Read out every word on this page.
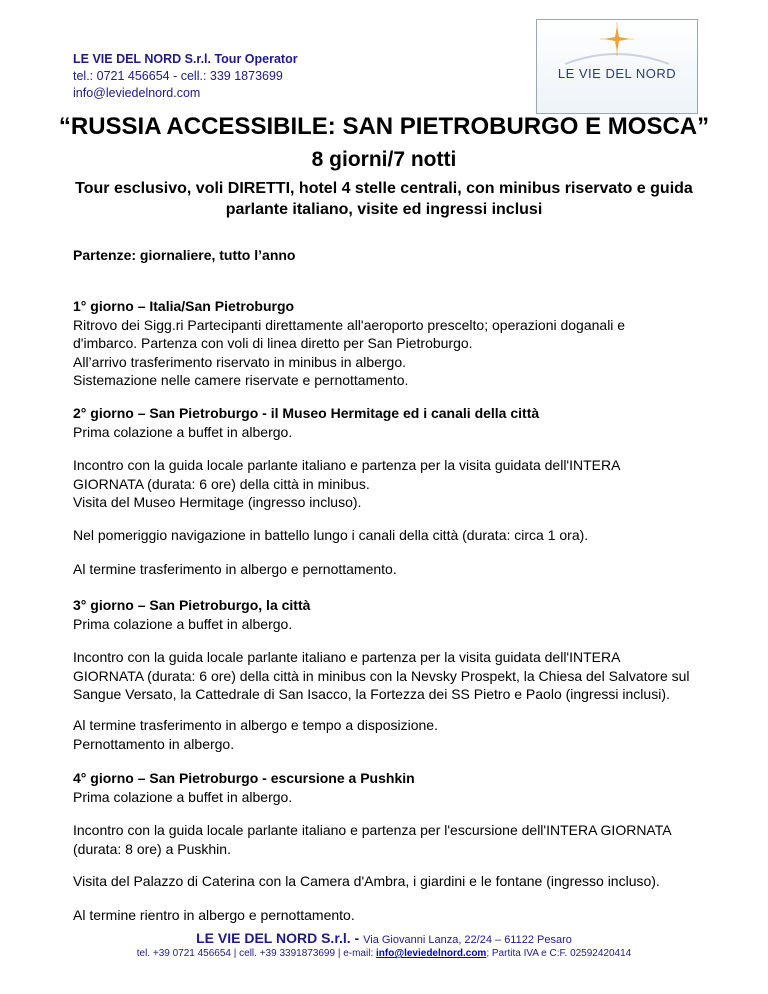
LE VIE DEL NORD S.r.l. Tour Operator
tel.: 0721 456654 - cell.: 339 1873699
info@leviedelnord.com
LE VIE DEL NORD
“RUSSIA ACCESSIBILE: SAN PIETROBURGO E MOSCA”
8 giorni/7 notti
Tour esclusivo, voli DIRETTI, hotel 4 stelle centrali, con minibus riservato e guida parlante italiano, visite ed ingressi inclusi

Partenze: giornaliere, tutto l’anno

1° giorno – Italia/San Pietroburgo

Ritrovo dei Sigg.ri Partecipanti direttamente all'aeroporto prescelto; operazioni doganali e

d'imbarco. Partenza con voli di linea diretto per San Pietroburgo.

All’arrivo trasferimento riservato in minibus in albergo.

Sistemazione nelle camere riservate e pernottamento.

2° giorno – San Pietroburgo - il Museo Hermitage ed i canali della città

Prima colazione a buffet in albergo.

Incontro con la guida locale parlante italiano e partenza per la visita guidata dell'INTERA

GIORNATA (durata: 6 ore) della città in minibus.

Visita del Museo Hermitage (ingresso incluso).

Nel pomeriggio navigazione in battello lungo i canali della città (durata: circa 1 ora).

Al termine trasferimento in albergo e pernottamento.

3° giorno – San Pietroburgo, la città

Prima colazione a buffet in albergo.

Incontro con la guida locale parlante italiano e partenza per la visita guidata dell'INTERA

GIORNATA (durata: 6 ore) della città in minibus con la Nevsky Prospekt, la Chiesa del Salvatore sul

Sangue Versato, la Cattedrale di San Isacco, la Fortezza dei SS Pietro e Paolo (ingressi inclusi).

Al termine trasferimento in albergo e tempo a disposizione.

Pernottamento in albergo.

4° giorno – San Pietroburgo - escursione a Pushkin

Prima colazione a buffet in albergo.

Incontro con la guida locale parlante italiano e partenza per l'escursione dell'INTERA GIORNATA

(durata: 8 ore) a Puskhin.

Visita del Palazzo di Caterina con la Camera d'Ambra, i giardini e le fontane (ingresso incluso).

Al termine rientro in albergo e pernottamento.

LE VIE DEL NORD S.r.l. - Via Giovanni Lanza, 22/24 – 61122 Pesaro
tel. +39 0721 456654 | cell. +39 3391873699 | e-mail: info@leviedelnord.com; Partita IVA e C:F. 02592420414
